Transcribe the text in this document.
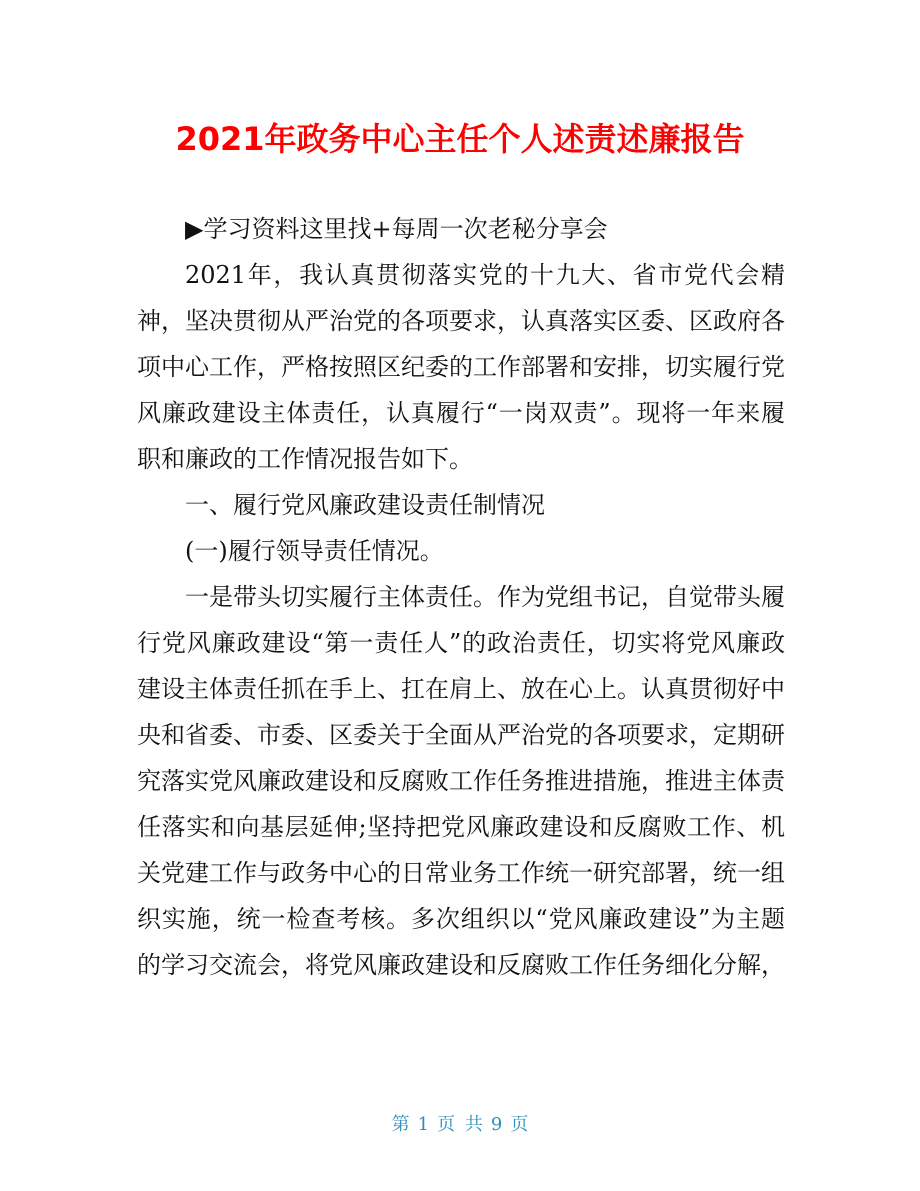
2021年政务中心主任个人述责述廉报告

▶学习资料这里找+每周一次老秘分享会

2021年，我认真贯彻落实党的十九大、省市党代会精神，坚决贯彻从严治党的各项要求，认真落实区委、区政府各项中心工作，严格按照区纪委的工作部署和安排，切实履行党风廉政建设主体责任，认真履行“一岗双责”。现将一年来履职和廉政的工作情况报告如下。

一、履行党风廉政建设责任制情况

(一)履行领导责任情况。

一是带头切实履行主体责任。作为党组书记，自觉带头履行党风廉政建设“第一责任人”的政治责任，切实将党风廉政建设主体责任抓在手上、扛在肩上、放在心上。认真贯彻好中央和省委、市委、区委关于全面从严治党的各项要求，定期研究落实党风廉政建设和反腐败工作任务推进措施，推进主体责任落实和向基层延伸;坚持把党风廉政建设和反腐败工作、机关党建工作与政务中心的日常业务工作统一研究部署，统一组织实施，统一检查考核。多次组织以“党风廉政建设”为主题的学习交流会，将党风廉政建设和反腐败工作任务细化分解，

第 1 页 共 9 页
